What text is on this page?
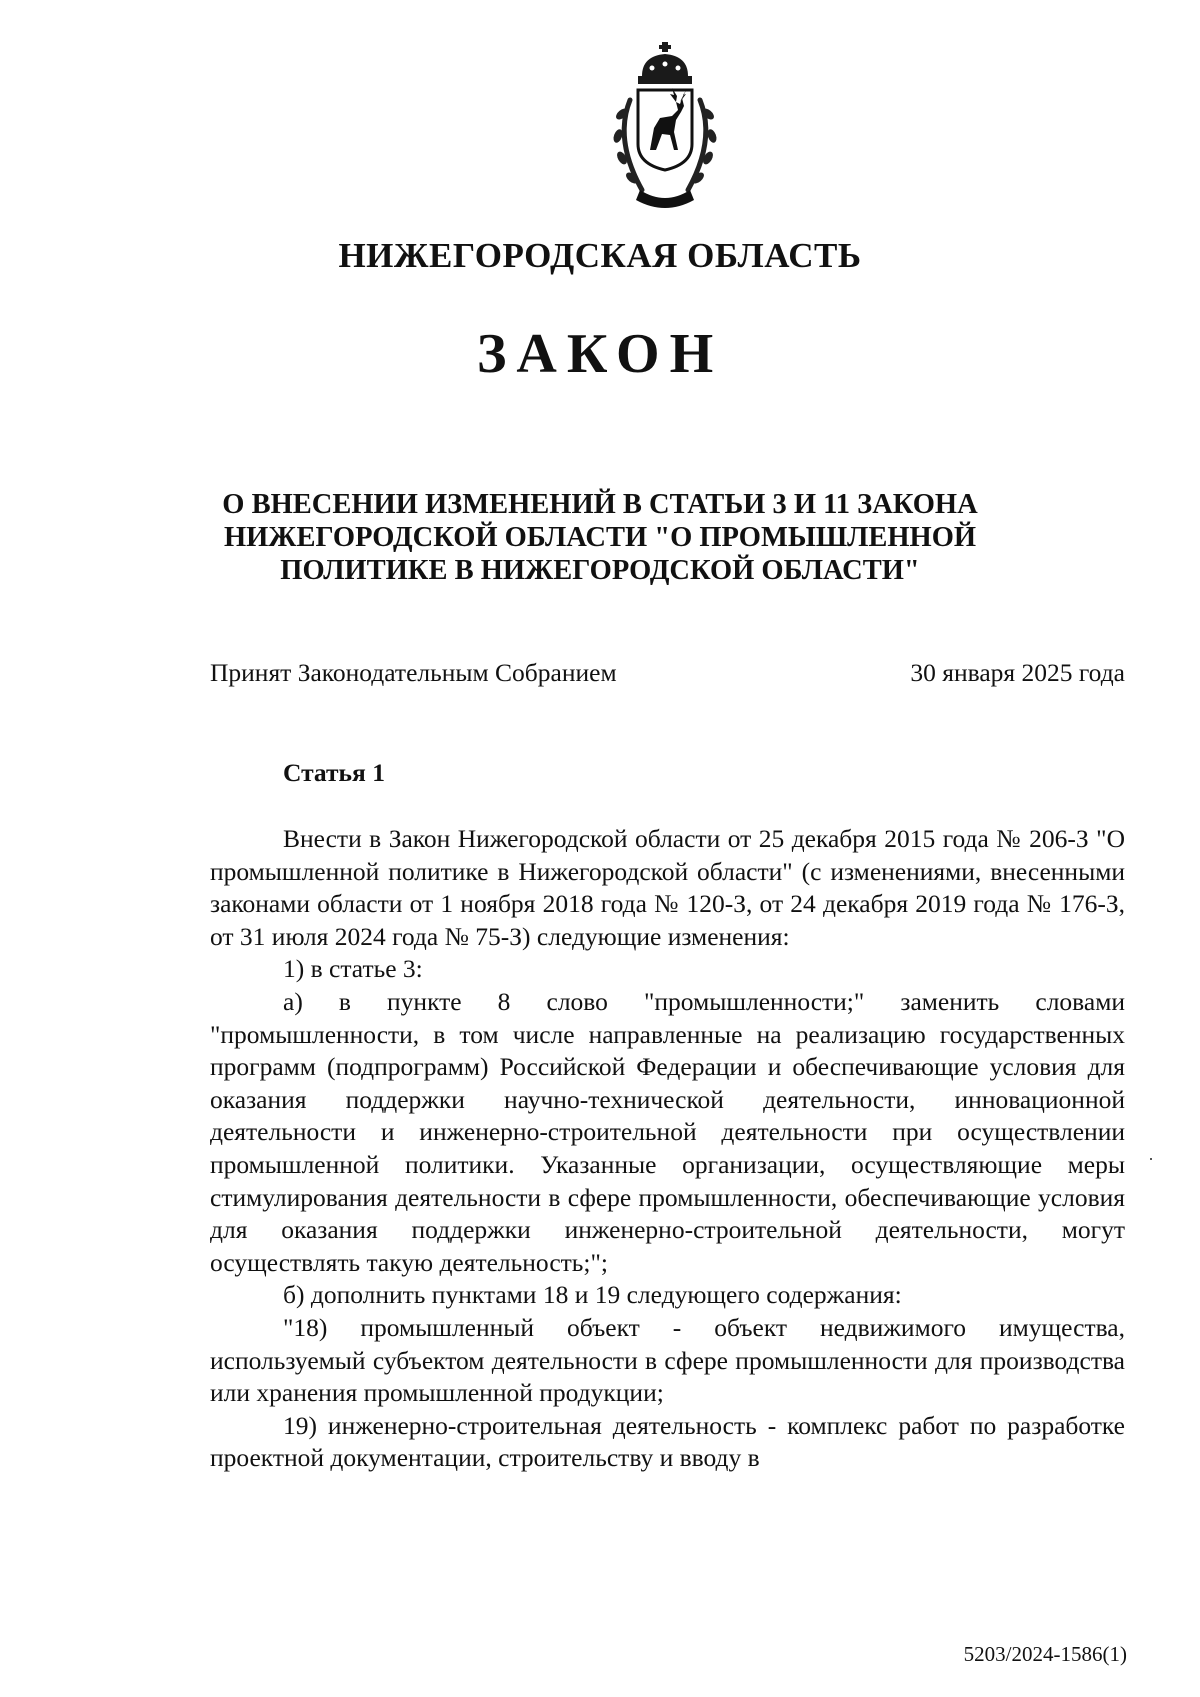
НИЖЕГОРОДСКАЯ ОБЛАСТЬ
ЗАКОН
О ВНЕСЕНИИ ИЗМЕНЕНИЙ В СТАТЬИ 3 И 11 ЗАКОНА
НИЖЕГОРОДСКОЙ ОБЛАСТИ "О ПРОМЫШЛЕННОЙ
ПОЛИТИКЕ В НИЖЕГОРОДСКОЙ ОБЛАСТИ"
Принят Законодательным Собранием	30 января 2025 года
Статья 1

Внести в Закон Нижегородской области от 25 декабря 2015 года № 206-З "О промышленной политике в Нижегородской области" (с изменениями, внесенными законами области от 1 ноября 2018 года № 120-З, от 24 декабря 2019 года № 176-З, от 31 июля 2024 года № 75-З) следующие изменения:

1) в статье 3:

а) в пункте 8 слово "промышленности;" заменить словами "промышленности, в том числе направленные на реализацию государственных программ (подпрограмм) Российской Федерации и обеспечивающие условия для оказания поддержки научно-технической деятельности, инновационной деятельности и инженерно-строительной деятельности при осуществлении промышленной политики. Указанные организации, осуществляющие меры стимулирования деятельности в сфере промышленности, обеспечивающие условия для оказания поддержки инженерно-строительной деятельности, могут осуществлять такую деятельность;";

б) дополнить пунктами 18 и 19 следующего содержания:

"18) промышленный объект - объект недвижимого имущества, используемый субъектом деятельности в сфере промышленности для производства или хранения промышленной продукции;

19) инженерно-строительная деятельность - комплекс работ по разработке проектной документации, строительству и вводу в

5203/2024-1586(1)
